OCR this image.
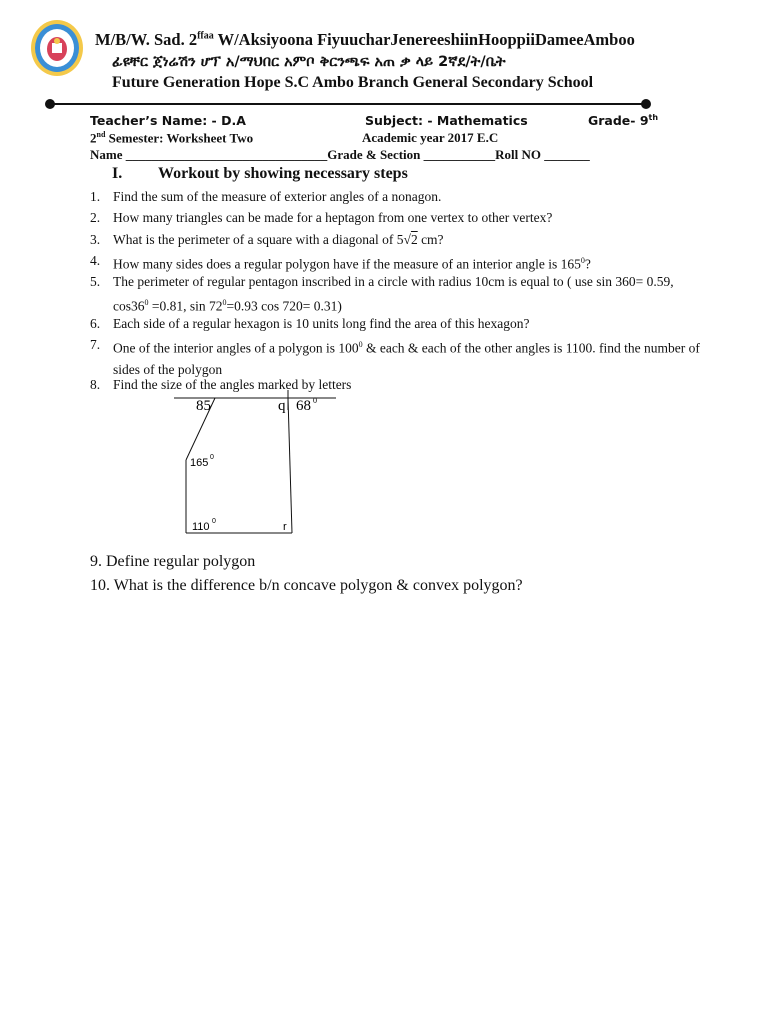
M/B/W. Sad. $2^{ffaa}$ W/Aksiyoona FiyuucharJenereeshiinHooppiiDameeAmboo
ፊዩቸር ጀነሬሽን ሆፕ አ/ማህበር አምቦ ቅርንጫፍ አጠ ቃ ላይ 2ኛደ/ት/ቤት
Future Generation Hope S.C Ambo Branch General Secondary School
Teacher’s Name: - D.A	Subject: - Mathematics	Grade- 9th
2nd Semester: Worksheet Two	Academic year 2017 E.C
Name _______________________________Grade & Section ___________Roll NO _______
I. Workout by showing necessary steps
1. Find the sum of the measure of exterior angles of a nonagon.
2. How many triangles can be made for a heptagon from one vertex to other vertex?
3. What is the perimeter of a square with a diagonal of 5√2 cm?
4. How many sides does a regular polygon have if the measure of an interior angle is $165^0$?
5. The perimeter of regular pentagon inscribed in a circle with radius 10cm is equal to ( use sin 360= 0.59, $\cos 36^0 =0.81$, $\sin 72^0=0.93$ cos 720= 0.31)
6. Each side of a regular hexagon is 10 units long find the area of this hexagon?
7. One of the interior angles of a polygon is $100^0$ & each & each of the other angles is 1100. find the number of sides of the polygon
8. Find the size of the angles marked by letters
85	q 68 0
165 0
110 0	r
9. Define regular polygon
10. What is the difference b/n concave polygon & convex polygon?
